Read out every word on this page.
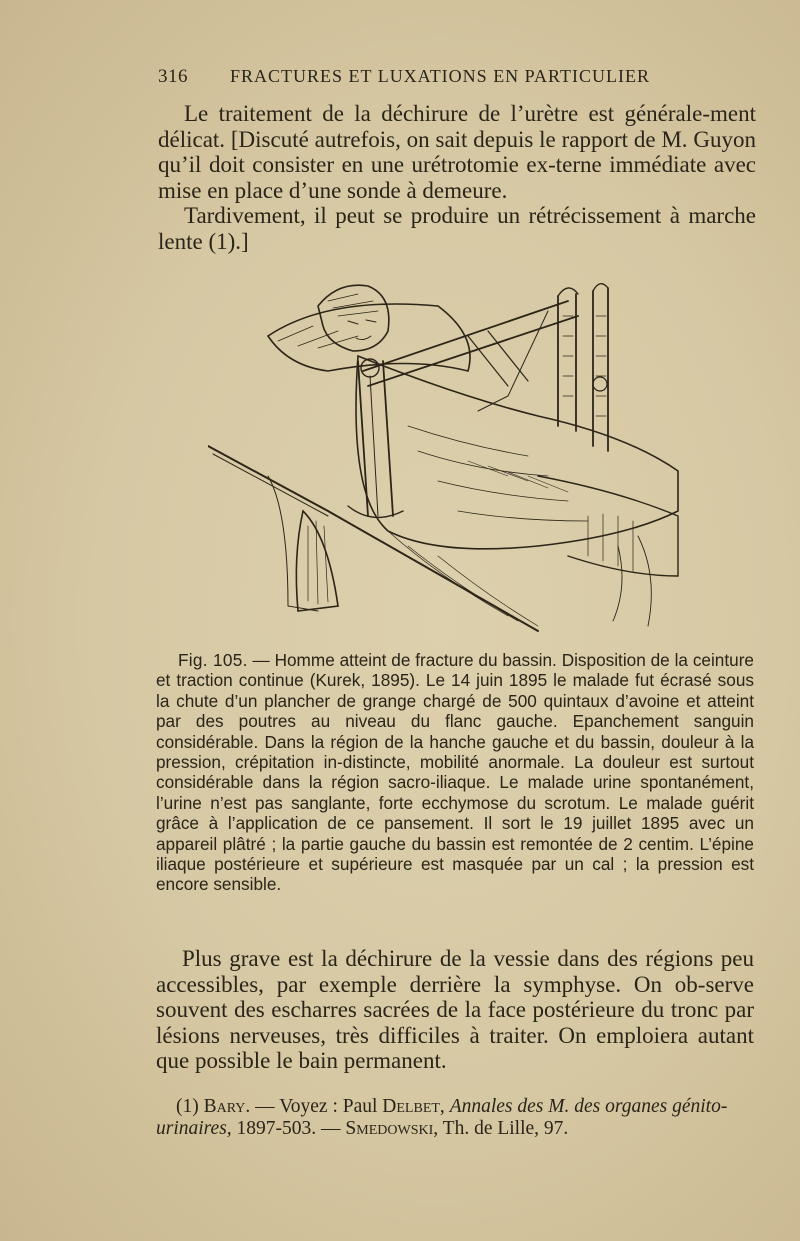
316 FRACTURES ET LUXATIONS EN PARTICULIER

Le traitement de la déchirure de l’urètre est générale-ment délicat. [Discuté autrefois, on sait depuis le rapport de M. Guyon qu’il doit consister en une urétrotomie ex-terne immédiate avec mise en place d’une sonde à demeure.

Tardivement, il peut se produire un rétrécissement à marche lente (1).]

Fig. 105. — Homme atteint de fracture du bassin. Disposition de la ceinture et traction continue (Kurek, 1895). Le 14 juin 1895 le malade fut écrasé sous la chute d’un plancher de grange chargé de 500 quintaux d’avoine et atteint par des poutres au niveau du flanc gauche. Epanchement sanguin considérable. Dans la région de la hanche gauche et du bassin, douleur à la pression, crépitation in-distincte, mobilité anormale. La douleur est surtout considérable dans la région sacro-iliaque. Le malade urine spontanément, l’urine n’est pas sanglante, forte ecchymose du scrotum. Le malade guérit grâce à l’application de ce pansement. Il sort le 19 juillet 1895 avec un appareil plâtré ; la partie gauche du bassin est remontée de 2 centim. L’épine iliaque postérieure et supérieure est masquée par un cal ; la pression est encore sensible.
Plus grave est la déchirure de la vessie dans des régions peu accessibles, par exemple derrière la symphyse. On ob-serve souvent des escharres sacrées de la face postérieure du tronc par lésions nerveuses, très difficiles à traiter. On emploiera autant que possible le bain permanent.
(1) Bary. — Voyez : Paul Delbet, Annales des M. des organes génito-urinaires, 1897-503. — Smedowski, Th. de Lille, 97.
